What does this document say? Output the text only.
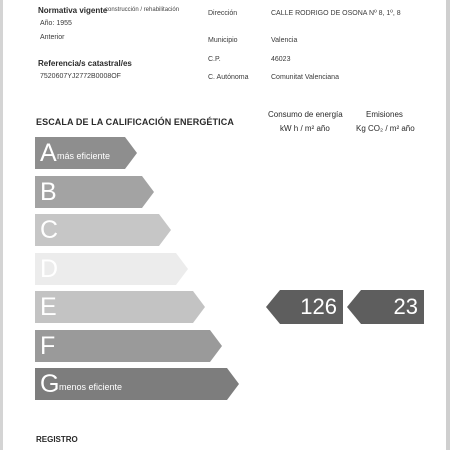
Normativa vigente
construcción / rehabilitación
Año: 1955
Anterior
Referencia/s catastral/es
7520607YJ2772B0008OF
Dirección	CALLE RODRIGO DE OSONA Nº 8, 1º, 8
Municipio	Valencia
C.P.	46023
C. Autónoma	Comunitat Valenciana
ESCALA DE LA CALIFICACIÓN ENERGÉTICA
Consumo de energía
kW h / m² año
Emisiones
Kg CO₂ / m² año
A más eficiente
B
C
D
E
F
G menos eficiente
126	23
REGISTRO
